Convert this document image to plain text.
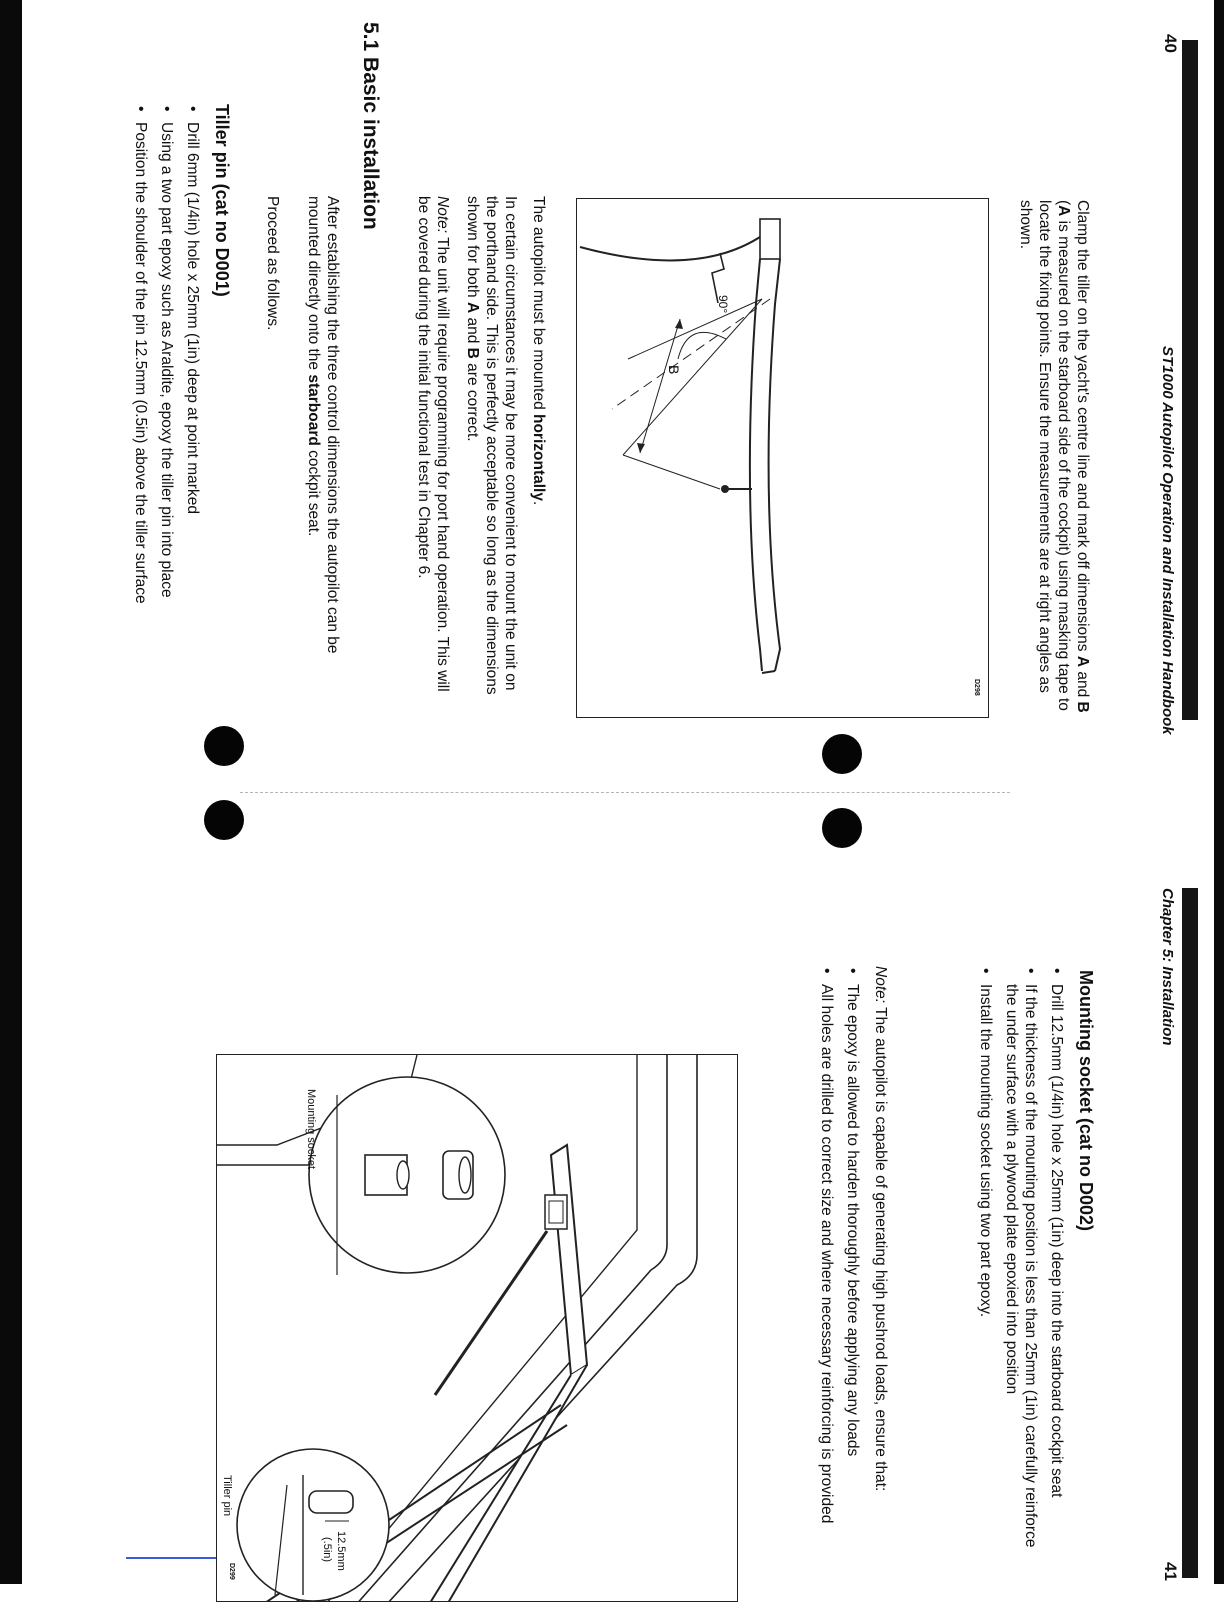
40
ST1000 Autopilot Operation and Installation Handbook
Chapter 5: Installation
41

Clamp the tiller on the yacht's centre line and mark off dimensions A and B (A is measured on the starboard side of the cockpit) using masking tape to locate the fixing points. Ensure the measurements are at right angles as shown.

90°
B
D298

The autopilot must be mounted horizontally.

In certain circumstances it may be more convenient to mount the unit on the porthand side. This is perfectly acceptable so long as the dimensions shown for both A and B are correct.

Note: The unit will require programming for port hand operation. This will be covered during the initial functional test in Chapter 6.

5.1 Basic installation

After establishing the three control dimensions the autopilot can be mounted directly onto the starboard cockpit seat.

Proceed as follows.

Tiller pin (cat no D001)
• Drill 6mm (1/4in) hole x 25mm (1in) deep at point marked
• Using a two part epoxy such as Araldite, epoxy the tiller pin into place
• Position the shoulder of the pin 12.5mm (0.5in) above the tiller surface
Mounting socket (cat no D002)
• Drill 12.5mm (1/4in) hole x 25mm (1in) deep into the starboard cockpit seat
• If the thickness of the mounting position is less than 25mm (1in) carefully reinforce the under surface with a plywood plate epoxied into position
• Install the mounting socket using two part epoxy.

Note: The autopilot is capable of generating high pushrod loads, ensure that:

• The epoxy is allowed to harden thoroughly before applying any loads
• All holes are drilled to correct size and where necessary reinforcing is provided
Mounting socket
Tiller pin
12.5mm
(.5in)
D299
